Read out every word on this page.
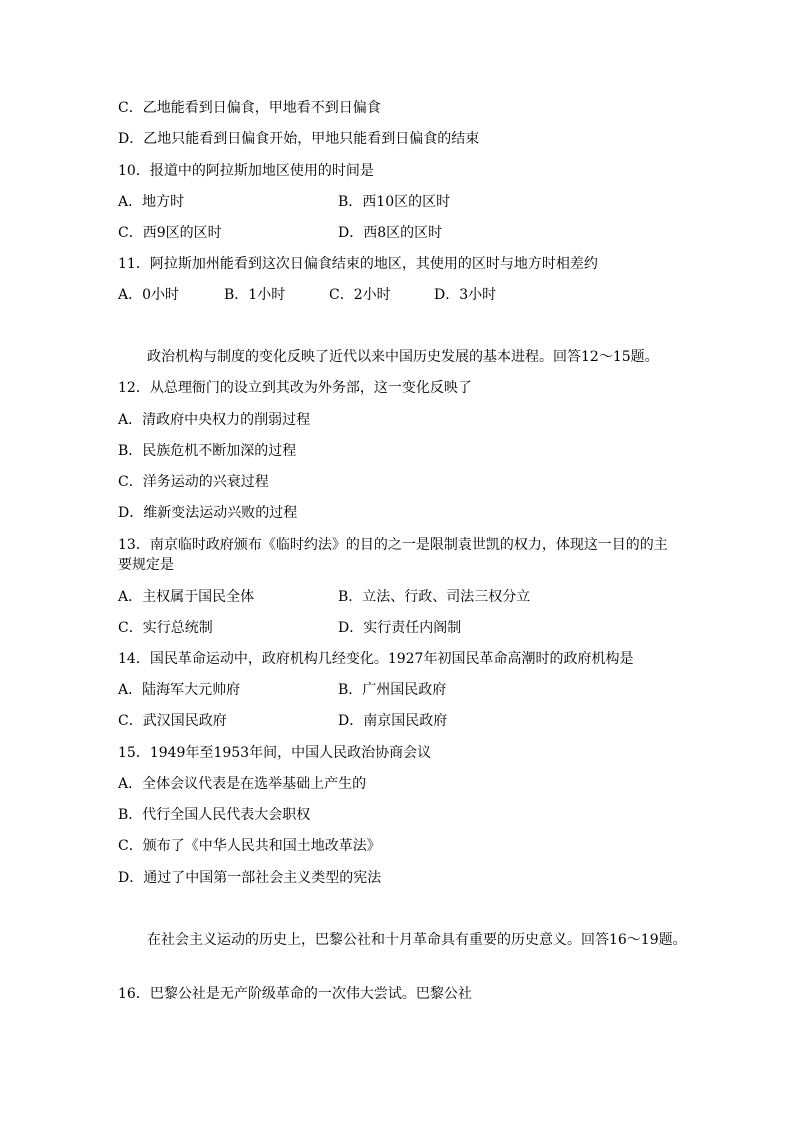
C．乙地能看到日偏食，甲地看不到日偏食
D．乙地只能看到日偏食开始，甲地只能看到日偏食的结束
10．报道中的阿拉斯加地区使用的时间是
A．地方时	B．西10区的区时
C．西9区的区时	D．西8区的区时
11．阿拉斯加州能看到这次日偏食结束的地区，其使用的区时与地方时相差约
A．0小时	B．1小时	C．2小时	D．3小时
政治机构与制度的变化反映了近代以来中国历史发展的基本进程。回答12～15题。
12．从总理衙门的设立到其改为外务部，这一变化反映了
A．清政府中央权力的削弱过程
B．民族危机不断加深的过程
C．洋务运动的兴衰过程
D．维新变法运动兴败的过程
13．南京临时政府颁布《临时约法》的目的之一是限制袁世凯的权力，体现这一目的的主
要规定是
A．主权属于国民全体	B．立法、行政、司法三权分立
C．实行总统制	D．实行责任内阁制
14．国民革命运动中，政府机构几经变化。1927年初国民革命高潮时的政府机构是
A．陆海军大元帅府	B．广州国民政府
C．武汉国民政府	D．南京国民政府
15．1949年至1953年间，中国人民政治协商会议
A．全体会议代表是在选举基础上产生的
B．代行全国人民代表大会职权
C．颁布了《中华人民共和国土地改革法》
D．通过了中国第一部社会主义类型的宪法
在社会主义运动的历史上，巴黎公社和十月革命具有重要的历史意义。回答16～19题。
16．巴黎公社是无产阶级革命的一次伟大尝试。巴黎公社
